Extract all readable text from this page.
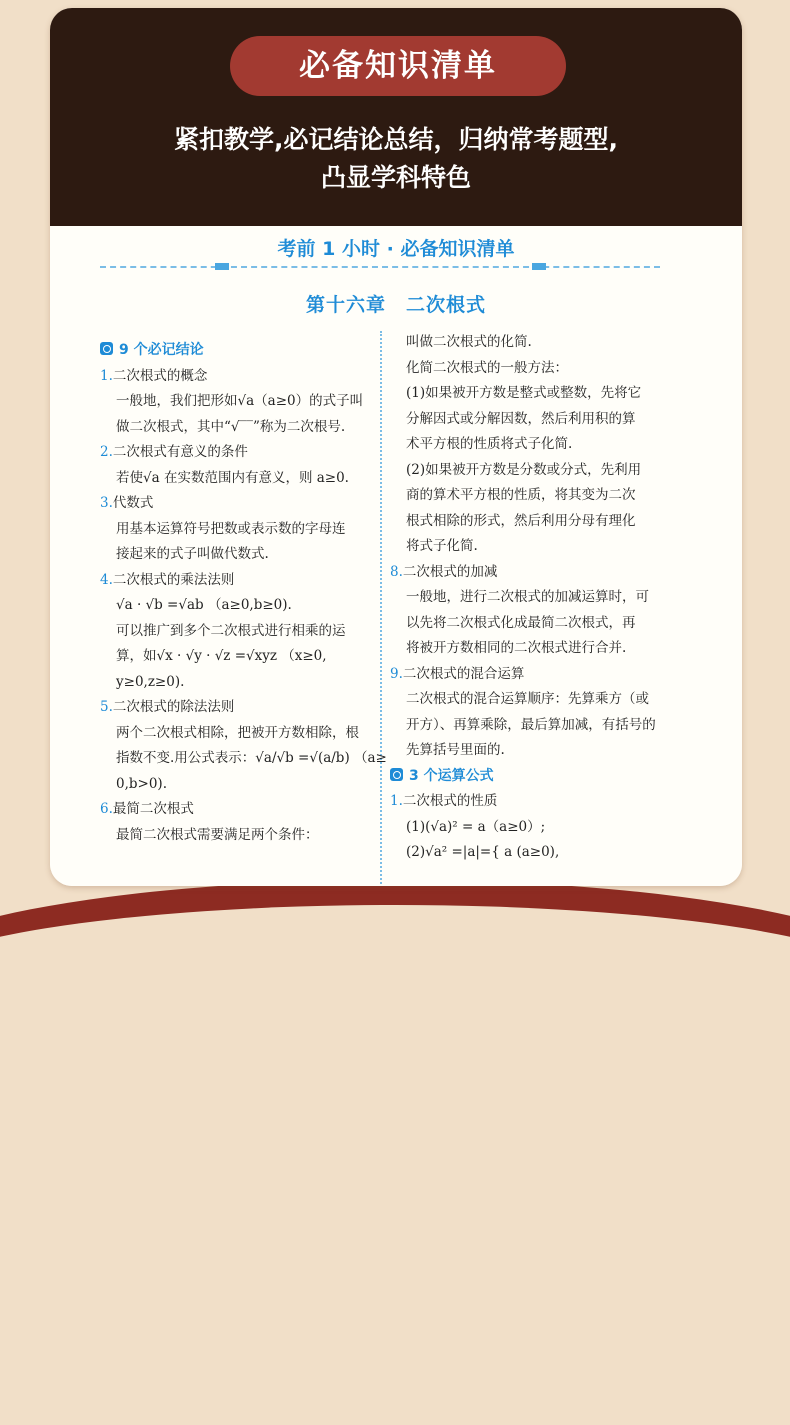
必备知识清单
紧扣教学,必记结论总结，归纳常考题型,
凸显学科特色
考前 1 小时 · 必备知识清单
第十六章　二次根式
9 个必记结论
1.二次根式的概念
一般地，我们把形如√a（a≥0）的式子叫
做二次根式，其中“√‾‾”称为二次根号.
2.二次根式有意义的条件
若使√a 在实数范围内有意义，则 a≥0.
3.代数式
用基本运算符号把数或表示数的字母连
接起来的式子叫做代数式.
4.二次根式的乘法法则
√a · √b =√ab （a≥0,b≥0).
可以推广到多个二次根式进行相乘的运
算，如√x · √y · √z =√xyz （x≥0,
y≥0,z≥0).
5.二次根式的除法法则
两个二次根式相除，把被开方数相除，根
指数不变.用公式表示：√a/√b =√(a/b) （a≥
0,b>0).
6.最简二次根式
最简二次根式需要满足两个条件：
叫做二次根式的化简.
化简二次根式的一般方法：
(1)如果被开方数是整式或整数，先将它
分解因式或分解因数，然后利用积的算
术平方根的性质将式子化简.
(2)如果被开方数是分数或分式，先利用
商的算术平方根的性质，将其变为二次
根式相除的形式，然后利用分母有理化
将式子化简.
8.二次根式的加减
一般地，进行二次根式的加减运算时，可
以先将二次根式化成最简二次根式，再
将被开方数相同的二次根式进行合并.
9.二次根式的混合运算
二次根式的混合运算顺序：先算乘方（或
开方）、再算乘除，最后算加减，有括号的
先算括号里面的.
3 个运算公式
1.二次根式的性质
(1)(√a)² = a（a≥0）;
(2)√a² =|a|={ a (a≥0),
